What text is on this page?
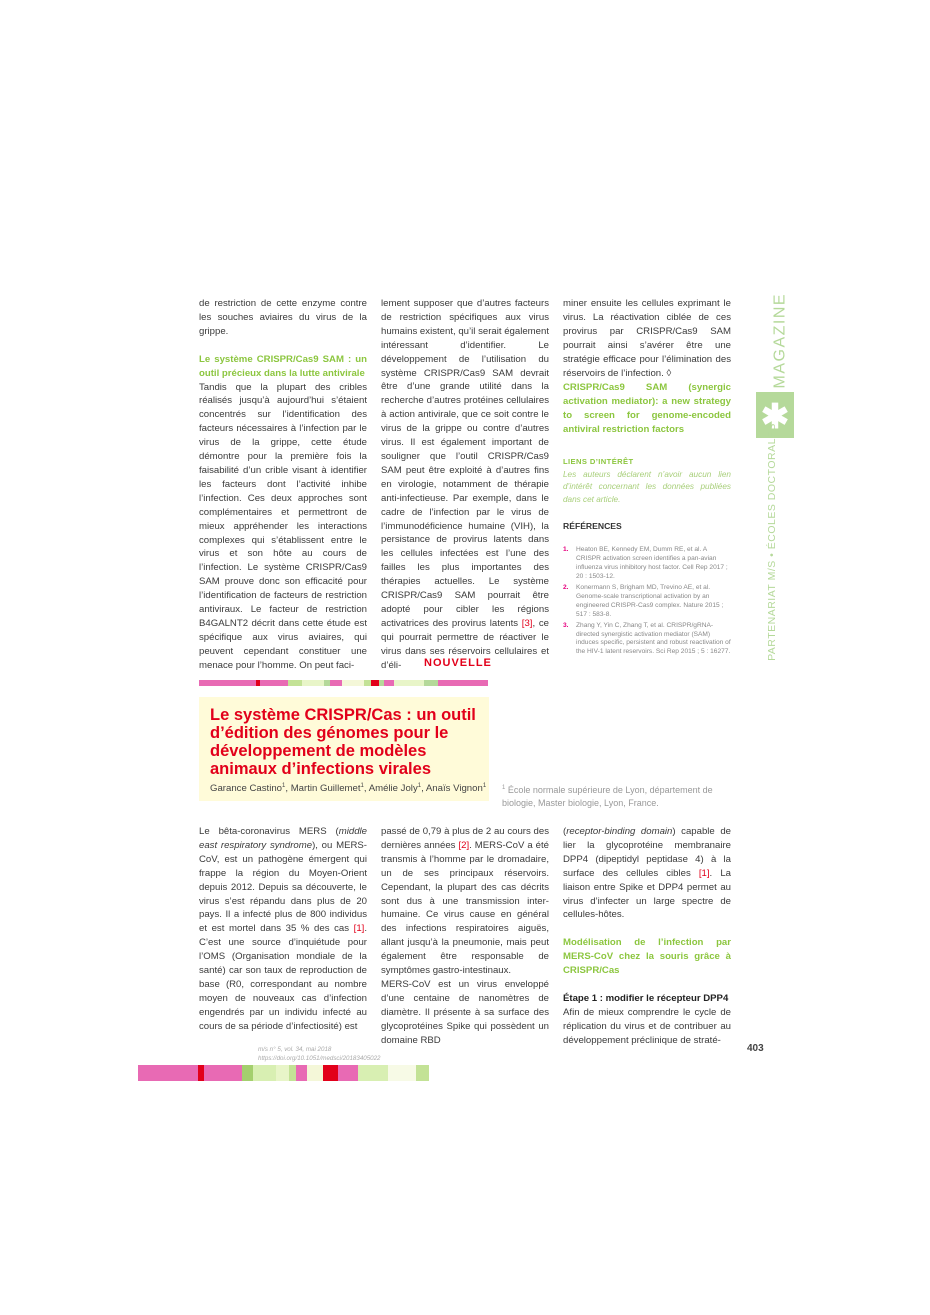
de restriction de cette enzyme contre les souches aviaires du virus de la grippe.

Le système CRISPR/Cas9 SAM : un outil précieux dans la lutte antivirale

Tandis que la plupart des cribles réalisés jusqu’à aujourd’hui s’étaient concentrés sur l’identification des facteurs nécessaires à l’infection par le virus de la grippe, cette étude démontre pour la première fois la faisabilité d’un crible visant à identifier les facteurs dont l’activité inhibe l’infection. Ces deux approches sont complémentaires et permettront de mieux appréhender les interactions complexes qui s’établissent entre le virus et son hôte au cours de l’infection. Le système CRISPR/Cas9 SAM prouve donc son efficacité pour l’identification de facteurs de restriction antiviraux. Le facteur de restriction B4GALNT2 décrit dans cette étude est spécifique aux virus aviaires, qui peuvent cependant constituer une menace pour l’homme. On peut faci-

lement supposer que d’autres facteurs de restriction spécifiques aux virus humains existent, qu’il serait également intéressant d’identifier. Le développement de l’utilisation du système CRISPR/Cas9 SAM devrait être d’une grande utilité dans la recherche d’autres protéines cellulaires à action antivirale, que ce soit contre le virus de la grippe ou contre d’autres virus. Il est également important de souligner que l’outil CRISPR/Cas9 SAM peut être exploité à d’autres fins en virologie, notamment de thérapie anti-infectieuse. Par exemple, dans le cadre de l’infection par le virus de l’immunodéficience humaine (VIH), la persistance de provirus latents dans les cellules infectées est l’une des failles les plus importantes des thérapies actuelles. Le système CRISPR/Cas9 SAM pourrait être adopté pour cibler les régions activatrices des provirus latents [3], ce qui pourrait permettre de réactiver le virus dans ses réservoirs cellulaires et d’éli-

miner ensuite les cellules exprimant le virus. La réactivation ciblée de ces provirus par CRISPR/Cas9 SAM pourrait ainsi s’avérer être une stratégie efficace pour l’élimination des réservoirs de l’infection. ◊

CRISPR/Cas9 SAM (synergic activation mediator): a new strategy to screen for genome-encoded antiviral restriction factors

LIENS D’INTÉRÊT

Les auteurs déclarent n’avoir aucun lien d’intérêt concernant les données publiées dans cet article.

RÉFÉRENCES

1.	Heaton BE, Kennedy EM, Dumm RE, et al. A CRISPR activation screen identifies a pan-avian influenza virus inhibitory host factor. Cell Rep 2017 ; 20 : 1503-12.
2.	Konermann S, Brigham MD, Trevino AE, et al. Genome-scale transcriptional activation by an engineered CRISPR-Cas9 complex. Nature 2015 ; 517 : 583-8.
3.	Zhang Y, Yin C, Zhang T, et al. CRISPR/gRNA-directed synergistic activation mediator (SAM) induces specific, persistent and robust reactivation of the HIV-1 latent reservoirs. Sci Rep 2015 ; 5 : 16277.
MAGAZINE
✱
PARTENARIAT M/S • ÉCOLES DOCTORALES
NOUVELLE
Le système CRISPR/Cas : un outil d’édition des génomes pour le développement de modèles animaux d’infections virales
Garance Castino$^1$, Martin Guillemet$^1$, Amélie Joly$^1$, Anaïs Vignon$^1$	$^1$ École normale supérieure de Lyon, département de biologie, Master biologie, Lyon, France.

Le bêta-coronavirus MERS (middle east respiratory syndrome), ou MERS-CoV, est un pathogène émergent qui frappe la région du Moyen-Orient depuis 2012. Depuis sa découverte, le virus s’est répandu dans plus de 20 pays. Il a infecté plus de 800 individus et est mortel dans 35 % des cas [1]. C’est une source d’inquiétude pour l’OMS (Organisation mondiale de la santé) car son taux de reproduction de base (R0, correspondant au nombre moyen de nouveaux cas d’infection engendrés par un individu infecté au cours de sa période d’infectiosité) est

passé de 0,79 à plus de 2 au cours des dernières années [2]. MERS-CoV a été transmis à l’homme par le dromadaire, un de ses principaux réservoirs. Cependant, la plupart des cas décrits sont dus à une transmission inter-humaine. Ce virus cause en général des infections respiratoires aiguës, allant jusqu’à la pneumonie, mais peut également être responsable de symptômes gastro-intestinaux.

MERS-CoV est un virus enveloppé d’une centaine de nanomètres de diamètre. Il présente à sa surface des glycoprotéines Spike qui possèdent un domaine RBD

(receptor-binding domain) capable de lier la glycoprotéine membranaire DPP4 (dipeptidyl peptidase 4) à la surface des cellules cibles [1]. La liaison entre Spike et DPP4 permet au virus d’infecter un large spectre de cellules-hôtes.

Modélisation de l’infection par MERS-CoV chez la souris grâce à CRISPR/Cas

Étape 1 : modifier le récepteur DPP4

Afin de mieux comprendre le cycle de réplication du virus et de contribuer au développement préclinique de straté-

m/s n° 5, vol. 34, mai 2018
https://doi.org/10.1051/medsci/20183405022
403
